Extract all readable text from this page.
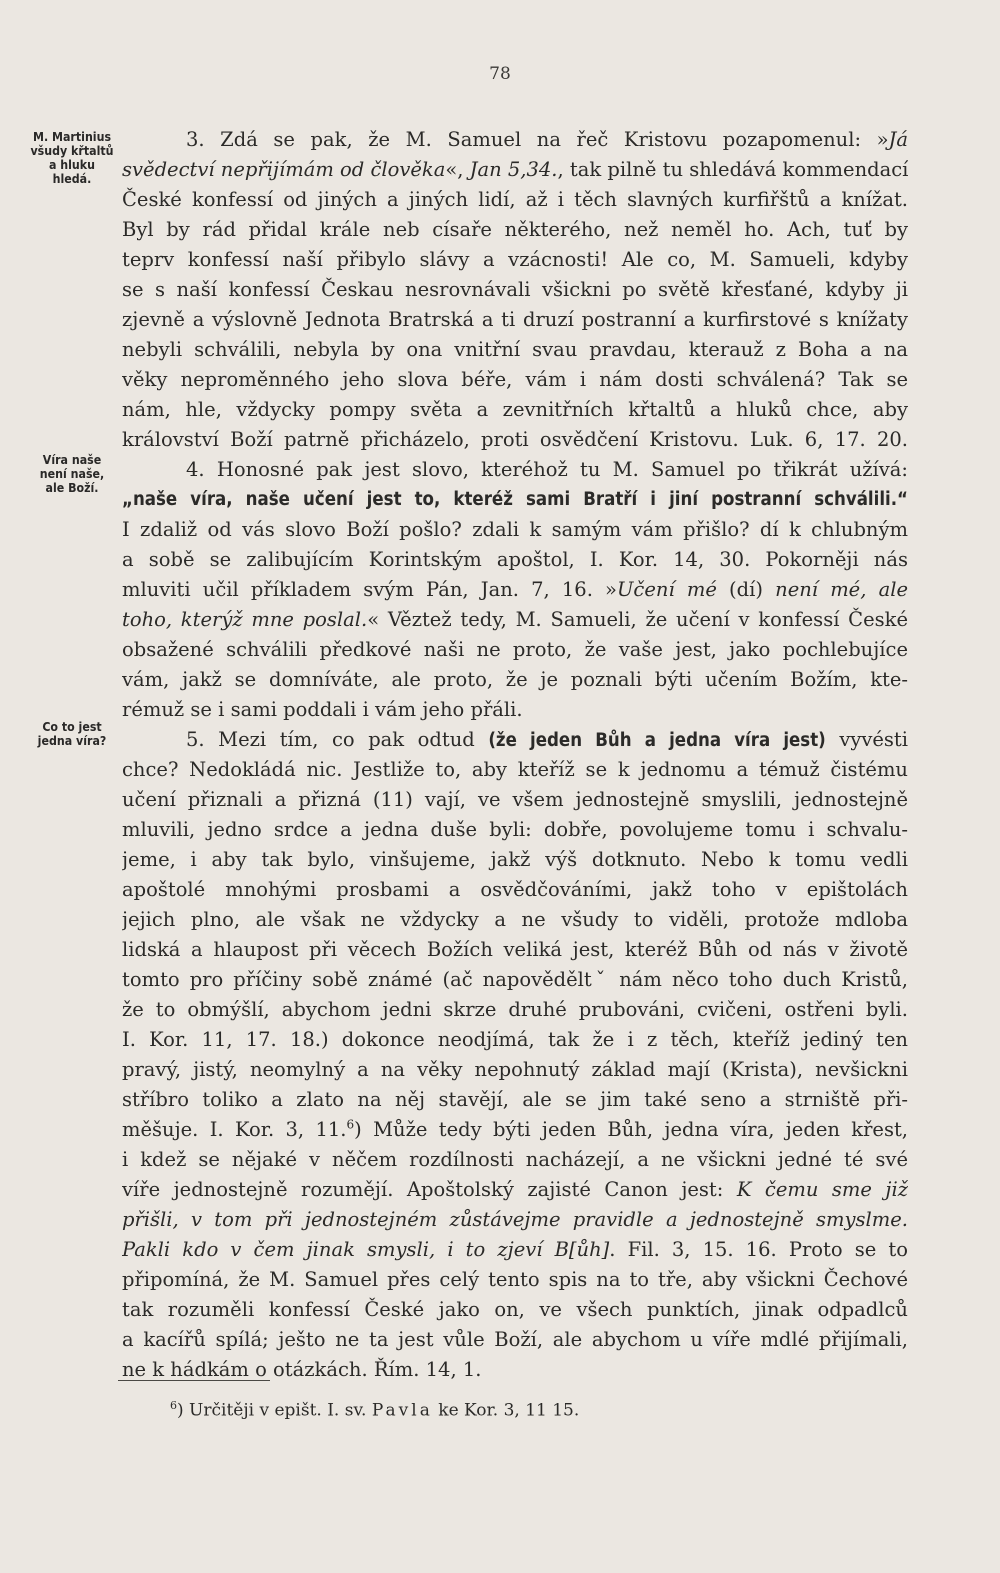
78
M. Martinius
všudy křtaltů
a hluku
hledá.
Víra naše
není naše,
ale Boží.
Co to jest
jedna víra?
3. Zdá se pak, že M. Samuel na řeč Kristovu pozapomenul: »Já
svědectví nepřijímám od člověka«, Jan 5,34., tak pilně tu shledává kommendací
České konfessí od jiných a jiných lidí, až i těch slavných kurfiřštů a knížat.
Byl by rád přidal krále neb císaře některého, než neměl ho. Ach, tuť by
teprv konfessí naší přibylo slávy a vzácnosti! Ale co, M. Samueli, kdyby
se s naší konfessí Českau nesrovnávali všickni po světě křesťané, kdyby ji
zjevně a výslovně Jednota Bratrská a ti druzí postranní a kurfirstové s knížaty
nebyli schválili, nebyla by ona vnitřní svau pravdau, kterauž z Boha a na
věky neproměnného jeho slova béře, vám i nám dosti schválená? Tak se
nám, hle, vždycky pompy světa a zevnitřních křtaltů a hluků chce, aby
království Boží patrně přicházelo, proti osvědčení Kristovu. Luk. 6, 17. 20.
4. Honosné pak jest slovo, kteréhož tu M. Samuel po třikrát užívá:
„naše víra, naše učení jest to, kteréž sami Bratří i jiní postranní schválili.“
I zdaliž od vás slovo Boží pošlo? zdali k samým vám přišlo? dí k chlubným
a sobě se zalibujícím Korintským apoštol, I. Kor. 14, 30. Pokorněji nás
mluviti učil příkladem svým Pán, Jan. 7, 16. »Učení mé (dí) není mé, ale
toho, kterýž mne poslal.« Věztež tedy, M. Samueli, že učení v konfessí České
obsažené schválili předkové naši ne proto, že vaše jest, jako pochlebujíce
vám, jakž se domníváte, ale proto, že je poznali býti učením Božím, kte-
rémuž se i sami poddali i vám jeho přáli.
5. Mezi tím, co pak odtud (že jeden Bůh a jedna víra jest) vyvésti
chce? Nedokládá nic. Jestliže to, aby kteříž se k jednomu a témuž čistému
učení přiznali a přizná (11) vají, ve všem jednostejně smyslili, jednostejně
mluvili, jedno srdce a jedna duše byli: dobře, povolujeme tomu i schvalu-
jeme, i aby tak bylo, vinšujeme, jakž výš dotknuto. Nebo k tomu vedli
apoštolé mnohými prosbami a osvědčováními, jakž toho v epištolách
jejich plno, ale však ne vždycky a ne všudy to viděli, protože mdloba
lidská a hlaupost při věcech Božích veliká jest, kteréž Bůh od nás v životě
tomto pro příčiny sobě známé (ač napověděltˇ nám něco toho duch Kristů,
že to obmýšlí, abychom jedni skrze druhé prubováni, cvičeni, ostřeni byli.
I. Kor. 11, 17. 18.) dokonce neodjímá, tak že i z těch, kteříž jediný ten
pravý, jistý, neomylný a na věky nepohnutý základ mají (Krista), nevšickni
stříbro toliko a zlato na něj stavějí, ale se jim také seno a strniště při-
měšuje. I. Kor. 3, 11.$^6$) Může tedy býti jeden Bůh, jedna víra, jeden křest,
i kdež se nějaké v něčem rozdílnosti nacházejí, a ne všickni jedné té své
víře jednostejně rozumějí. Apoštolský zajisté Canon jest: K čemu sme již
přišli, v tom při jednostejném zůstávejme pravidle a jednostejně smyslme.
Pakli kdo v čem jinak smysli, i to zjeví B[ůh]. Fil. 3, 15. 16. Proto se to
připomíná, že M. Samuel přes celý tento spis na to tře, aby všickni Čechové
tak rozuměli konfessí České jako on, ve všech punktích, jinak odpadlců
a kacířů spílá; ješto ne ta jest vůle Boží, ale abychom u víře mdlé přijímali,
ne k hádkám o otázkách. Řím. 14, 1.
$^6$) Určitěji v epišt. I. sv. Pavla ke Kor. 3, 11 15.
